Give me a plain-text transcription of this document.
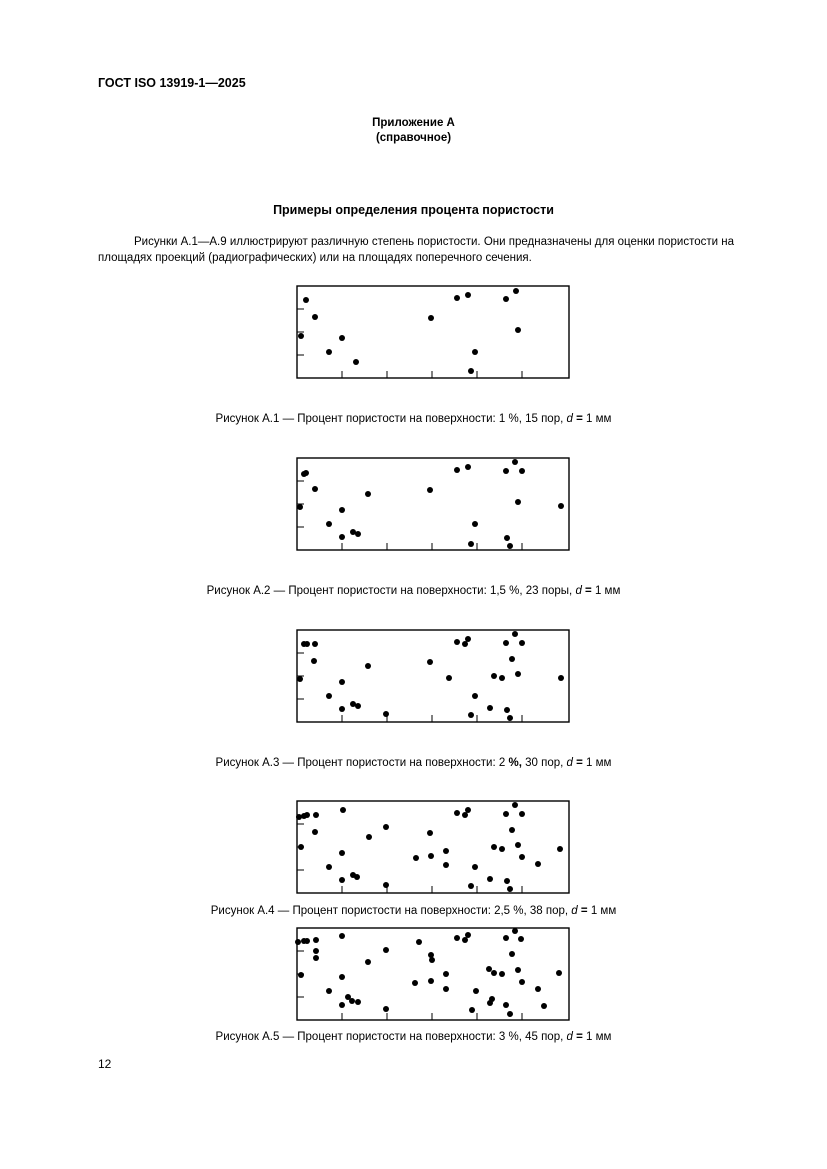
ГОСТ ISO 13919-1—2025
Приложение А
(справочное)
Примеры определения процента пористости

Рисунки А.1—А.9 иллюстрируют различную степень пористости. Они предназначены для оценки пористости на площадях проекций (радиографических) или на площадях поперечного сечения.

Рисунок А.1 — Процент пористости на поверхности: 1 %, 15 пор, d = 1 мм
Рисунок А.2 — Процент пористости на поверхности: 1,5 %, 23 поры, d = 1 мм
Рисунок А.3 — Процент пористости на поверхности: 2 %, 30 пор, d = 1 мм
Рисунок А.4 — Процент пористости на поверхности: 2,5 %, 38 пор, d = 1 мм
Рисунок А.5 — Процент пористости на поверхности: 3 %, 45 пор, d = 1 мм
12
